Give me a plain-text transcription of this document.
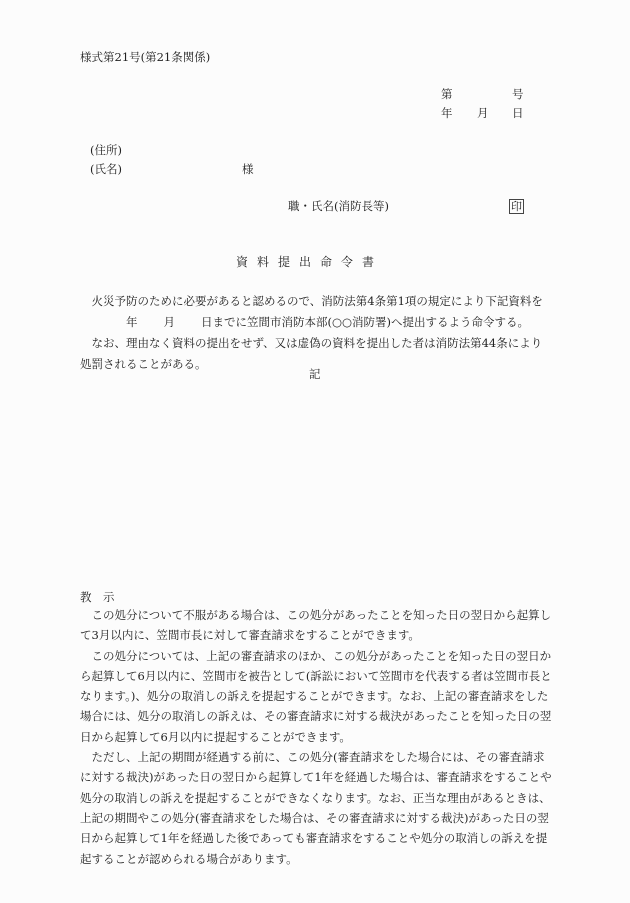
様式第21号(第21条関係)
第	号
年 月 日
(住所)
(氏名)	様
職・氏名(消防長等)	印
資料提出命令書

火災予防のために必要があると認めるので、消防法第4条第1項の規定により下記資料を

年 月 日までに笠間市消防本部(○○消防署)へ提出するよう命令する。

なお、理由なく資料の提出をせず、又は虚偽の資料を提出した者は消防法第44条により処罰されることがある。

記
教　示

この処分について不服がある場合は、この処分があったことを知った日の翌日から起算して3月以内に、笠間市長に対して審査請求をすることができます。

この処分については、上記の審査請求のほか、この処分があったことを知った日の翌日から起算して6月以内に、笠間市を被告として(訴訟において笠間市を代表する者は笠間市長となります。)、処分の取消しの訴えを提起することができます。なお、上記の審査請求をした場合には、処分の取消しの訴えは、その審査請求に対する裁決があったことを知った日の翌日から起算して6月以内に提起することができます。

ただし、上記の期間が経過する前に、この処分(審査請求をした場合には、その審査請求に対する裁決)があった日の翌日から起算して1年を経過した場合は、審査請求をすることや処分の取消しの訴えを提起することができなくなります。なお、正当な理由があるときは、上記の期間やこの処分(審査請求をした場合は、その審査請求に対する裁決)があった日の翌日から起算して1年を経過した後であっても審査請求をすることや処分の取消しの訴えを提起することが認められる場合があります。
